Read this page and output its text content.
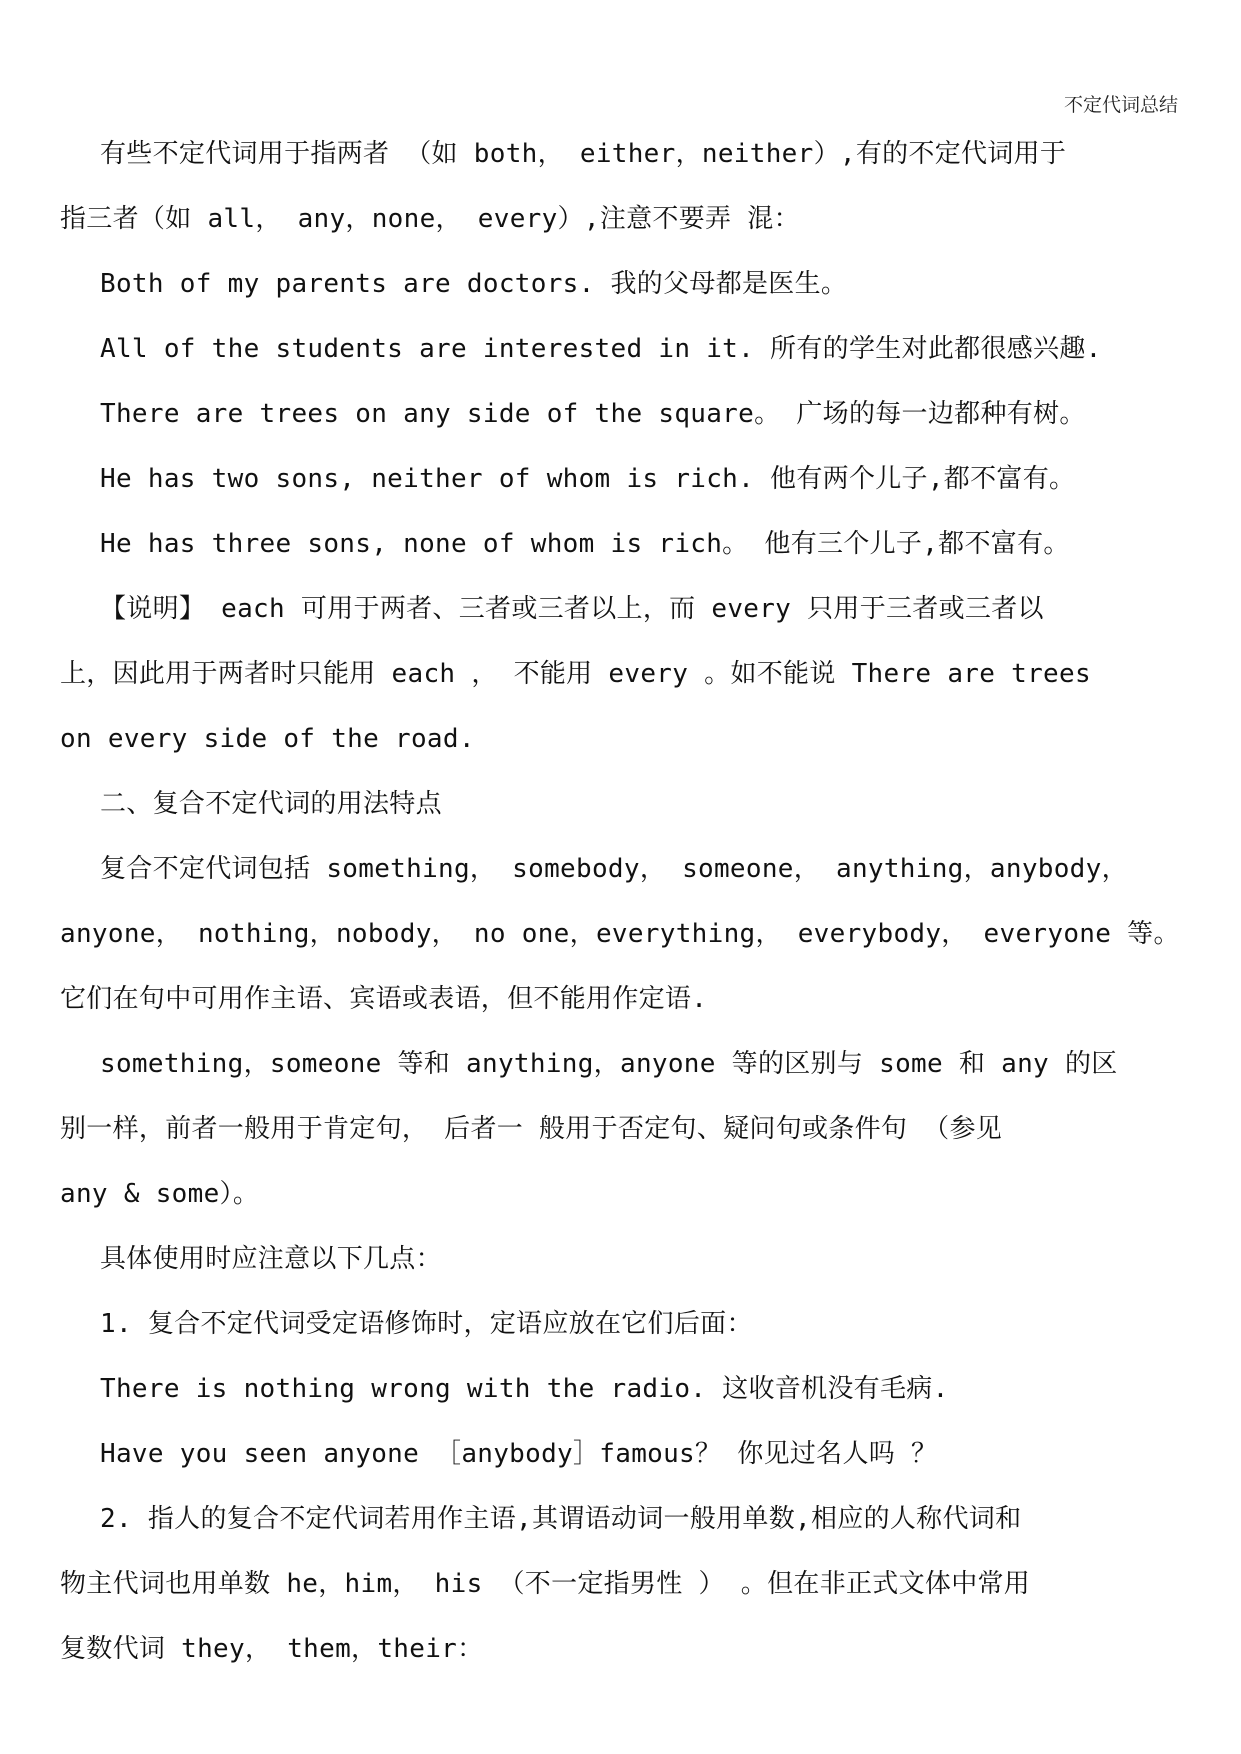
不定代词总结
有些不定代词用于指两者 （如 both， either，neither）,有的不定代词用于
指三者（如 all， any，none， every）,注意不要弄 混：
Both of my parents are doctors. 我的父母都是医生。
All of the students are interested in it. 所有的学生对此都很感兴趣.
There are trees on any side of the square。 广场的每一边都种有树。
He has two sons, neither of whom is rich. 他有两个儿子,都不富有。
He has three sons, none of whom is rich。 他有三个儿子,都不富有。
【说明】 each 可用于两者、三者或三者以上，而 every 只用于三者或三者以
上，因此用于两者时只能用 each ， 不能用 every 。如不能说 There are trees
on every side of the road.
二、复合不定代词的用法特点
复合不定代词包括 something， somebody， someone， anything，anybody，
anyone， nothing，nobody， no one，everything， everybody， everyone 等。
它们在句中可用作主语、宾语或表语，但不能用作定语.
something，someone 等和 anything，anyone 等的区别与 some 和 any 的区
别一样，前者一般用于肯定句， 后者一 般用于否定句、疑问句或条件句 （参见
any & some）。
具体使用时应注意以下几点：
1. 复合不定代词受定语修饰时，定语应放在它们后面：
There is nothing wrong with the radio. 这收音机没有毛病.
Have you seen anyone ［anybody］famous？ 你见过名人吗 ？
2. 指人的复合不定代词若用作主语,其谓语动词一般用单数,相应的人称代词和
物主代词也用单数 he，him， his （不一定指男性 ） 。但在非正式文体中常用
复数代词 they， them，their：
